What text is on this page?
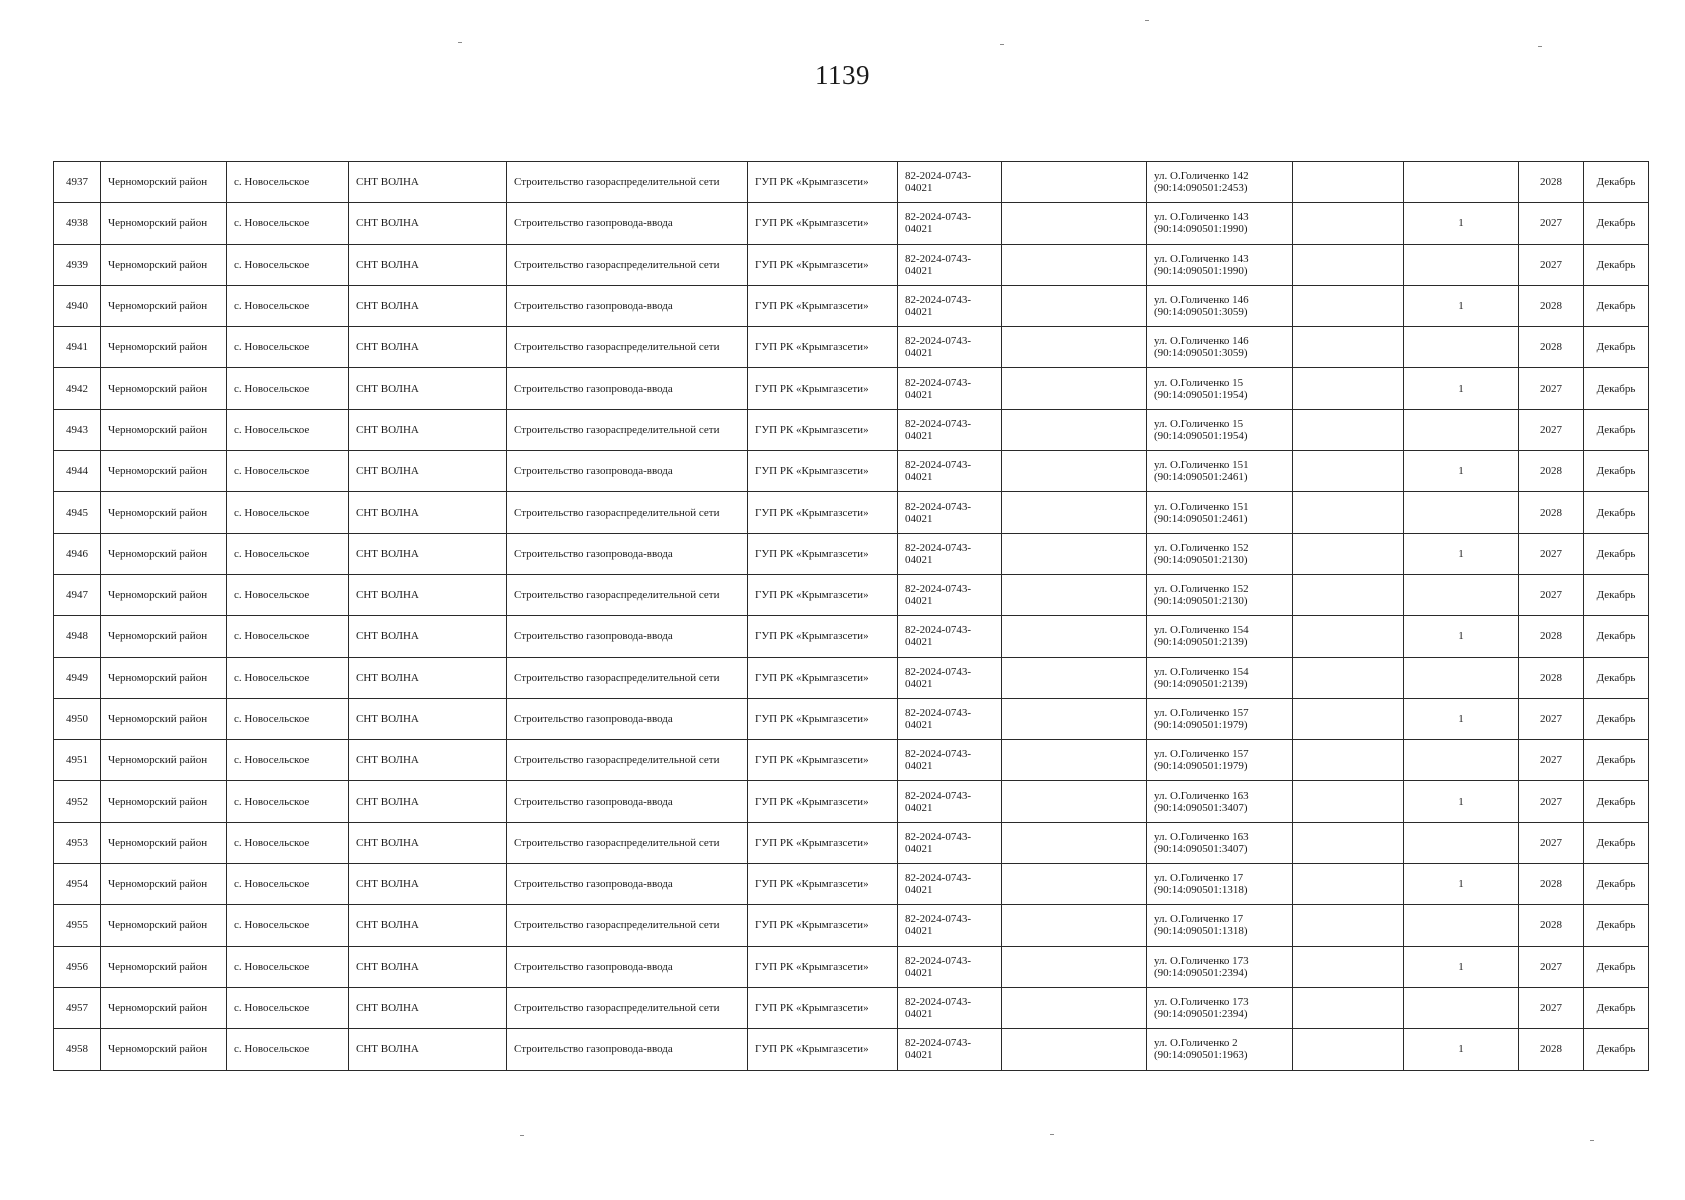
1139
4937	Черноморский район	с. Новосельское	СНТ ВОЛНА	Строительство газораспределительной сети	ГУП РК «Крымгазсети»	82-2024-0743-04021		ул. О.Голиченко 142 (90:14:090501:2453)			2028	Декабрь
4938	Черноморский район	с. Новосельское	СНТ ВОЛНА	Строительство газопровода-ввода	ГУП РК «Крымгазсети»	82-2024-0743-04021		ул. О.Голиченко 143 (90:14:090501:1990)		1	2027	Декабрь
4939	Черноморский район	с. Новосельское	СНТ ВОЛНА	Строительство газораспределительной сети	ГУП РК «Крымгазсети»	82-2024-0743-04021		ул. О.Голиченко 143 (90:14:090501:1990)			2027	Декабрь
4940	Черноморский район	с. Новосельское	СНТ ВОЛНА	Строительство газопровода-ввода	ГУП РК «Крымгазсети»	82-2024-0743-04021		ул. О.Голиченко 146 (90:14:090501:3059)		1	2028	Декабрь
4941	Черноморский район	с. Новосельское	СНТ ВОЛНА	Строительство газораспределительной сети	ГУП РК «Крымгазсети»	82-2024-0743-04021		ул. О.Голиченко 146 (90:14:090501:3059)			2028	Декабрь
4942	Черноморский район	с. Новосельское	СНТ ВОЛНА	Строительство газопровода-ввода	ГУП РК «Крымгазсети»	82-2024-0743-04021		ул. О.Голиченко 15 (90:14:090501:1954)		1	2027	Декабрь
4943	Черноморский район	с. Новосельское	СНТ ВОЛНА	Строительство газораспределительной сети	ГУП РК «Крымгазсети»	82-2024-0743-04021		ул. О.Голиченко 15 (90:14:090501:1954)			2027	Декабрь
4944	Черноморский район	с. Новосельское	СНТ ВОЛНА	Строительство газопровода-ввода	ГУП РК «Крымгазсети»	82-2024-0743-04021		ул. О.Голиченко 151 (90:14:090501:2461)		1	2028	Декабрь
4945	Черноморский район	с. Новосельское	СНТ ВОЛНА	Строительство газораспределительной сети	ГУП РК «Крымгазсети»	82-2024-0743-04021		ул. О.Голиченко 151 (90:14:090501:2461)			2028	Декабрь
4946	Черноморский район	с. Новосельское	СНТ ВОЛНА	Строительство газопровода-ввода	ГУП РК «Крымгазсети»	82-2024-0743-04021		ул. О.Голиченко 152 (90:14:090501:2130)		1	2027	Декабрь
4947	Черноморский район	с. Новосельское	СНТ ВОЛНА	Строительство газораспределительной сети	ГУП РК «Крымгазсети»	82-2024-0743-04021		ул. О.Голиченко 152 (90:14:090501:2130)			2027	Декабрь
4948	Черноморский район	с. Новосельское	СНТ ВОЛНА	Строительство газопровода-ввода	ГУП РК «Крымгазсети»	82-2024-0743-04021		ул. О.Голиченко 154 (90:14:090501:2139)		1	2028	Декабрь
4949	Черноморский район	с. Новосельское	СНТ ВОЛНА	Строительство газораспределительной сети	ГУП РК «Крымгазсети»	82-2024-0743-04021		ул. О.Голиченко 154 (90:14:090501:2139)			2028	Декабрь
4950	Черноморский район	с. Новосельское	СНТ ВОЛНА	Строительство газопровода-ввода	ГУП РК «Крымгазсети»	82-2024-0743-04021		ул. О.Голиченко 157 (90:14:090501:1979)		1	2027	Декабрь
4951	Черноморский район	с. Новосельское	СНТ ВОЛНА	Строительство газораспределительной сети	ГУП РК «Крымгазсети»	82-2024-0743-04021		ул. О.Голиченко 157 (90:14:090501:1979)			2027	Декабрь
4952	Черноморский район	с. Новосельское	СНТ ВОЛНА	Строительство газопровода-ввода	ГУП РК «Крымгазсети»	82-2024-0743-04021		ул. О.Голиченко 163 (90:14:090501:3407)		1	2027	Декабрь
4953	Черноморский район	с. Новосельское	СНТ ВОЛНА	Строительство газораспределительной сети	ГУП РК «Крымгазсети»	82-2024-0743-04021		ул. О.Голиченко 163 (90:14:090501:3407)			2027	Декабрь
4954	Черноморский район	с. Новосельское	СНТ ВОЛНА	Строительство газопровода-ввода	ГУП РК «Крымгазсети»	82-2024-0743-04021		ул. О.Голиченко 17 (90:14:090501:1318)		1	2028	Декабрь
4955	Черноморский район	с. Новосельское	СНТ ВОЛНА	Строительство газораспределительной сети	ГУП РК «Крымгазсети»	82-2024-0743-04021		ул. О.Голиченко 17 (90:14:090501:1318)			2028	Декабрь
4956	Черноморский район	с. Новосельское	СНТ ВОЛНА	Строительство газопровода-ввода	ГУП РК «Крымгазсети»	82-2024-0743-04021		ул. О.Голиченко 173 (90:14:090501:2394)		1	2027	Декабрь
4957	Черноморский район	с. Новосельское	СНТ ВОЛНА	Строительство газораспределительной сети	ГУП РК «Крымгазсети»	82-2024-0743-04021		ул. О.Голиченко 173 (90:14:090501:2394)			2027	Декабрь
4958	Черноморский район	с. Новосельское	СНТ ВОЛНА	Строительство газопровода-ввода	ГУП РК «Крымгазсети»	82-2024-0743-04021		ул. О.Голиченко 2 (90:14:090501:1963)		1	2028	Декабрь
